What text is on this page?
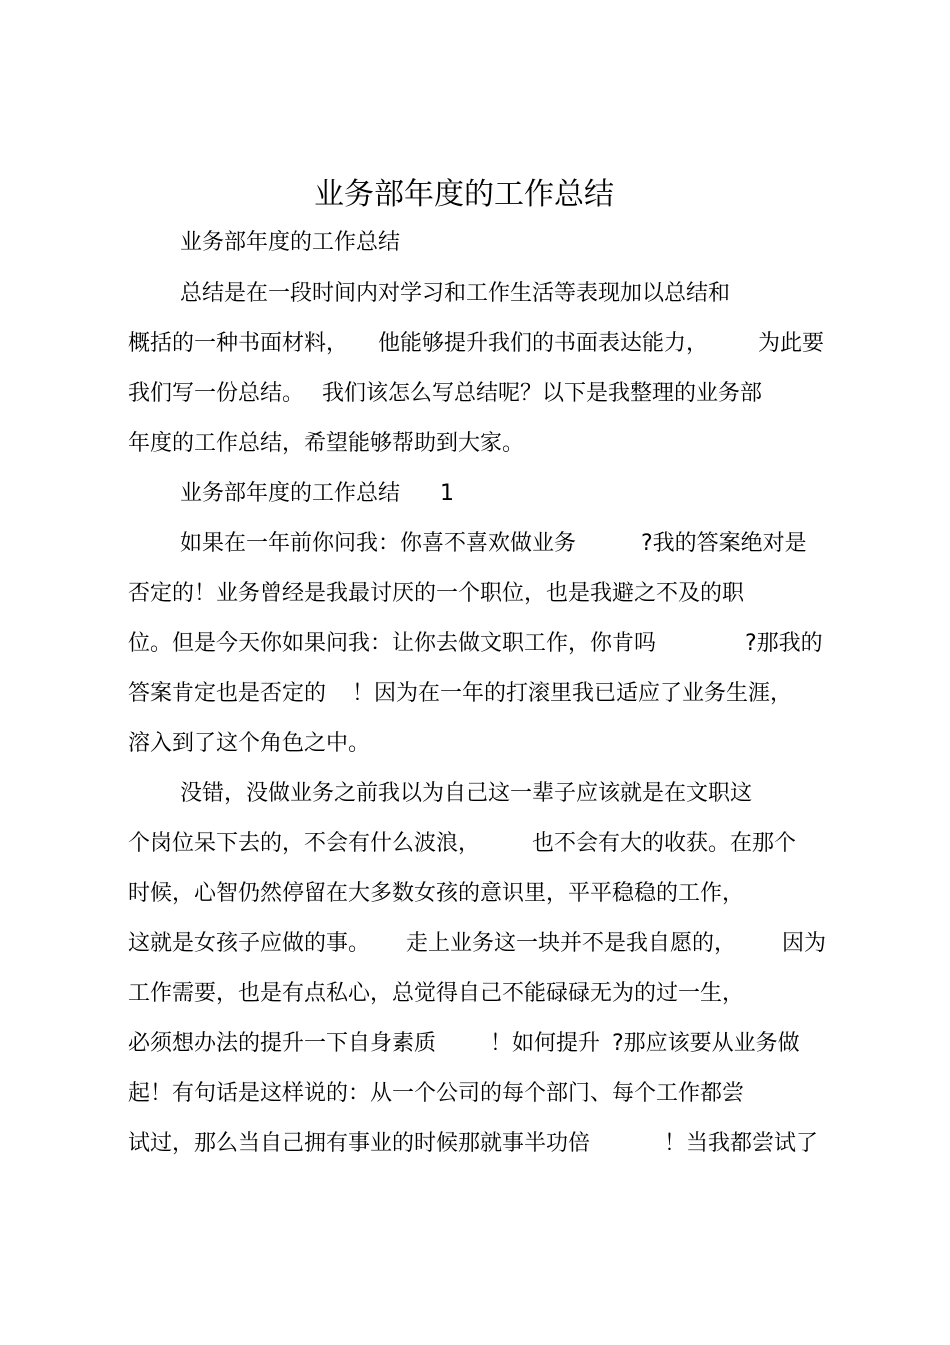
业务部年度的工作总结
业务部年度的工作总结
总结是在一段时间内对学习和工作生活等表现加以总结和
概括的一种书面材料， 他能够提升我们的书面表达能力， 为此要
我们写一份总结。 我们该怎么写总结呢？以下是我整理的业务部
年度的工作总结，希望能够帮助到大家。
业务部年度的工作总结 1
如果在一年前你问我：你喜不喜欢做业务	?我的答案绝对是
否定的！业务曾经是我最讨厌的一个职位，也是我避之不及的职
位。但是今天你如果问我：让你去做文职工作，你肯吗	?那我的
答案肯定也是否定的 ！因为在一年的打滚里我已适应了业务生涯，
溶入到了这个角色之中。
没错，没做业务之前我以为自己这一辈子应该就是在文职这
个岗位呆下去的，不会有什么波浪， 也不会有大的收获。在那个
时候，心智仍然停留在大多数女孩的意识里，平平稳稳的工作，
这就是女孩子应做的事。 走上业务这一块并不是我自愿的， 因为
工作需要，也是有点私心，总觉得自己不能碌碌无为的过一生，
必须想办法的提升一下自身素质 ！如何提升 ?那应该要从业务做
起！有句话是这样说的：从一个公司的每个部门、每个工作都尝
试过，那么当自己拥有事业的时候那就事半功倍	！当我都尝试了
